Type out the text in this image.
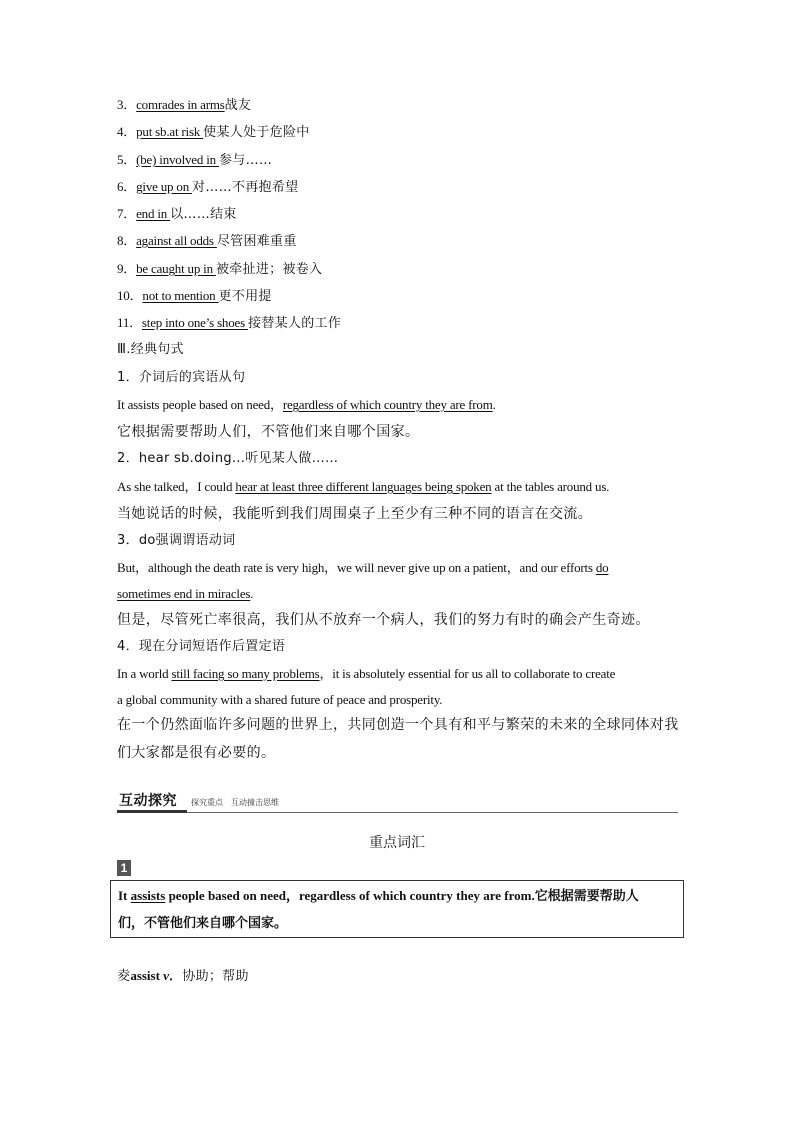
3．comrades in arms战友
4．put sb.at risk 使某人处于危险中
5．(be) involved in 参与……
6．give up on 对……不再抱希望
7．end in 以……结束
8．against all odds 尽管困难重重
9．be caught up in 被牵扯进；被卷入
10．not to mention 更不用提
11．step into one’s shoes 接替某人的工作
Ⅲ.经典句式
1．介词后的宾语从句
It assists people based on need，regardless of which country they are from.
它根据需要帮助人们，不管他们来自哪个国家。
2．hear sb.doing...听见某人做……
As she talked，I could hear at least three different languages being spoken at the tables around us.
当她说话的时候，我能听到我们周围桌子上至少有三种不同的语言在交流。
3．do强调谓语动词
But，although the death rate is very high，we will never give up on a patient，and our efforts do
sometimes end in miracles.
但是，尽管死亡率很高，我们从不放弃一个病人，我们的努力有时的确会产生奇迹。
4．现在分词短语作后置定语
In a world still facing so many problems，it is absolutely essential for us all to collaborate to create
a global community with a shared future of peace and prosperity.
在一个仍然面临许多问题的世界上，共同创造一个具有和平与繁荣的未来的全球同体对我
们大家都是很有必要的。
互动探究 探究重点　互动撞击思维
重点词汇
1
It assists people based on need，regardless of which country they are from.它根据需要帮助人
们，不管他们来自哪个国家。
夌assist v．协助；帮助
